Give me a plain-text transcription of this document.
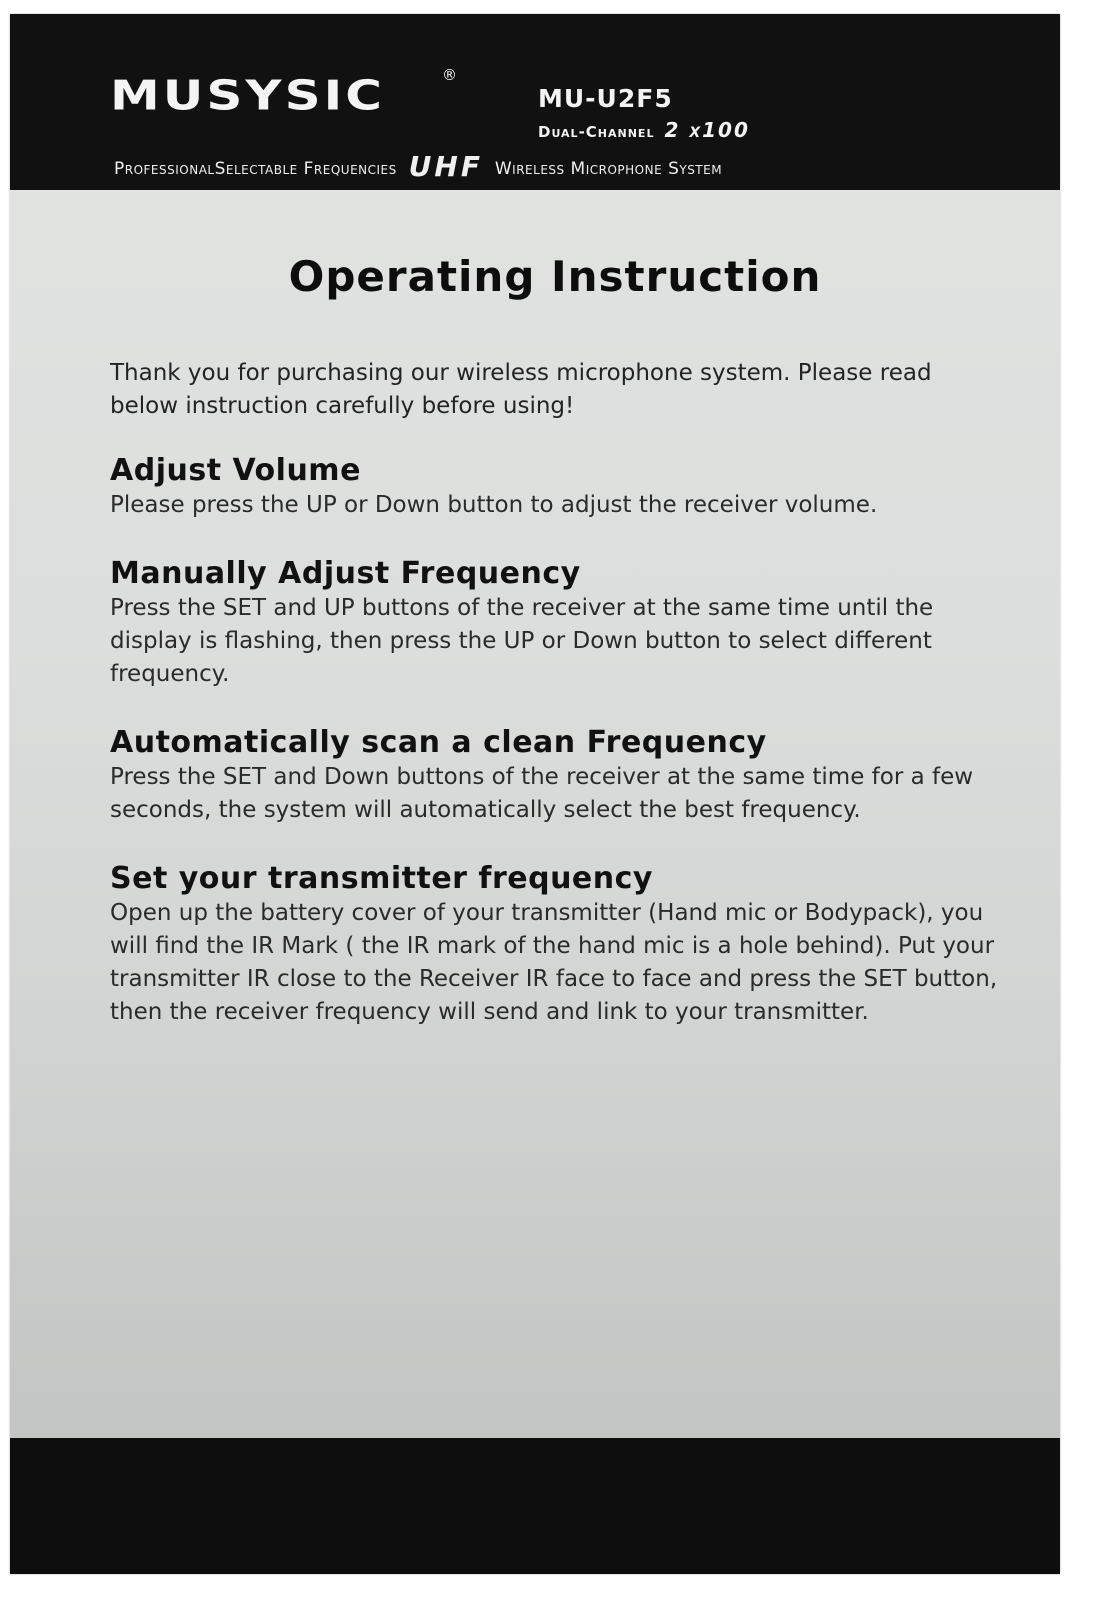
MUSYSIC	®
MU-U2F5
Dual-Channel 2 x100
ProfessionalSelectable Frequencies UHF Wireless Microphone System
Operating Instruction

Thank you for purchasing our wireless microphone system. Please read below instruction carefully before using!

Adjust Volume

Please press the UP or Down button to adjust the receiver volume.

Manually Adjust Frequency

Press the SET and UP buttons of the receiver at the same time until the display is flashing, then press the UP or Down button to select different frequency.

Automatically scan a clean Frequency

Press the SET and Down buttons of the receiver at the same time for a few seconds, the system will automatically select the best frequency.

Set your transmitter frequency

Open up the battery cover of your transmitter (Hand mic or Bodypack), you will find the IR Mark ( the IR mark of the hand mic is a hole behind). Put your transmitter IR close to the Receiver IR face to face and press the SET button, then the receiver frequency will send and link to your transmitter.
